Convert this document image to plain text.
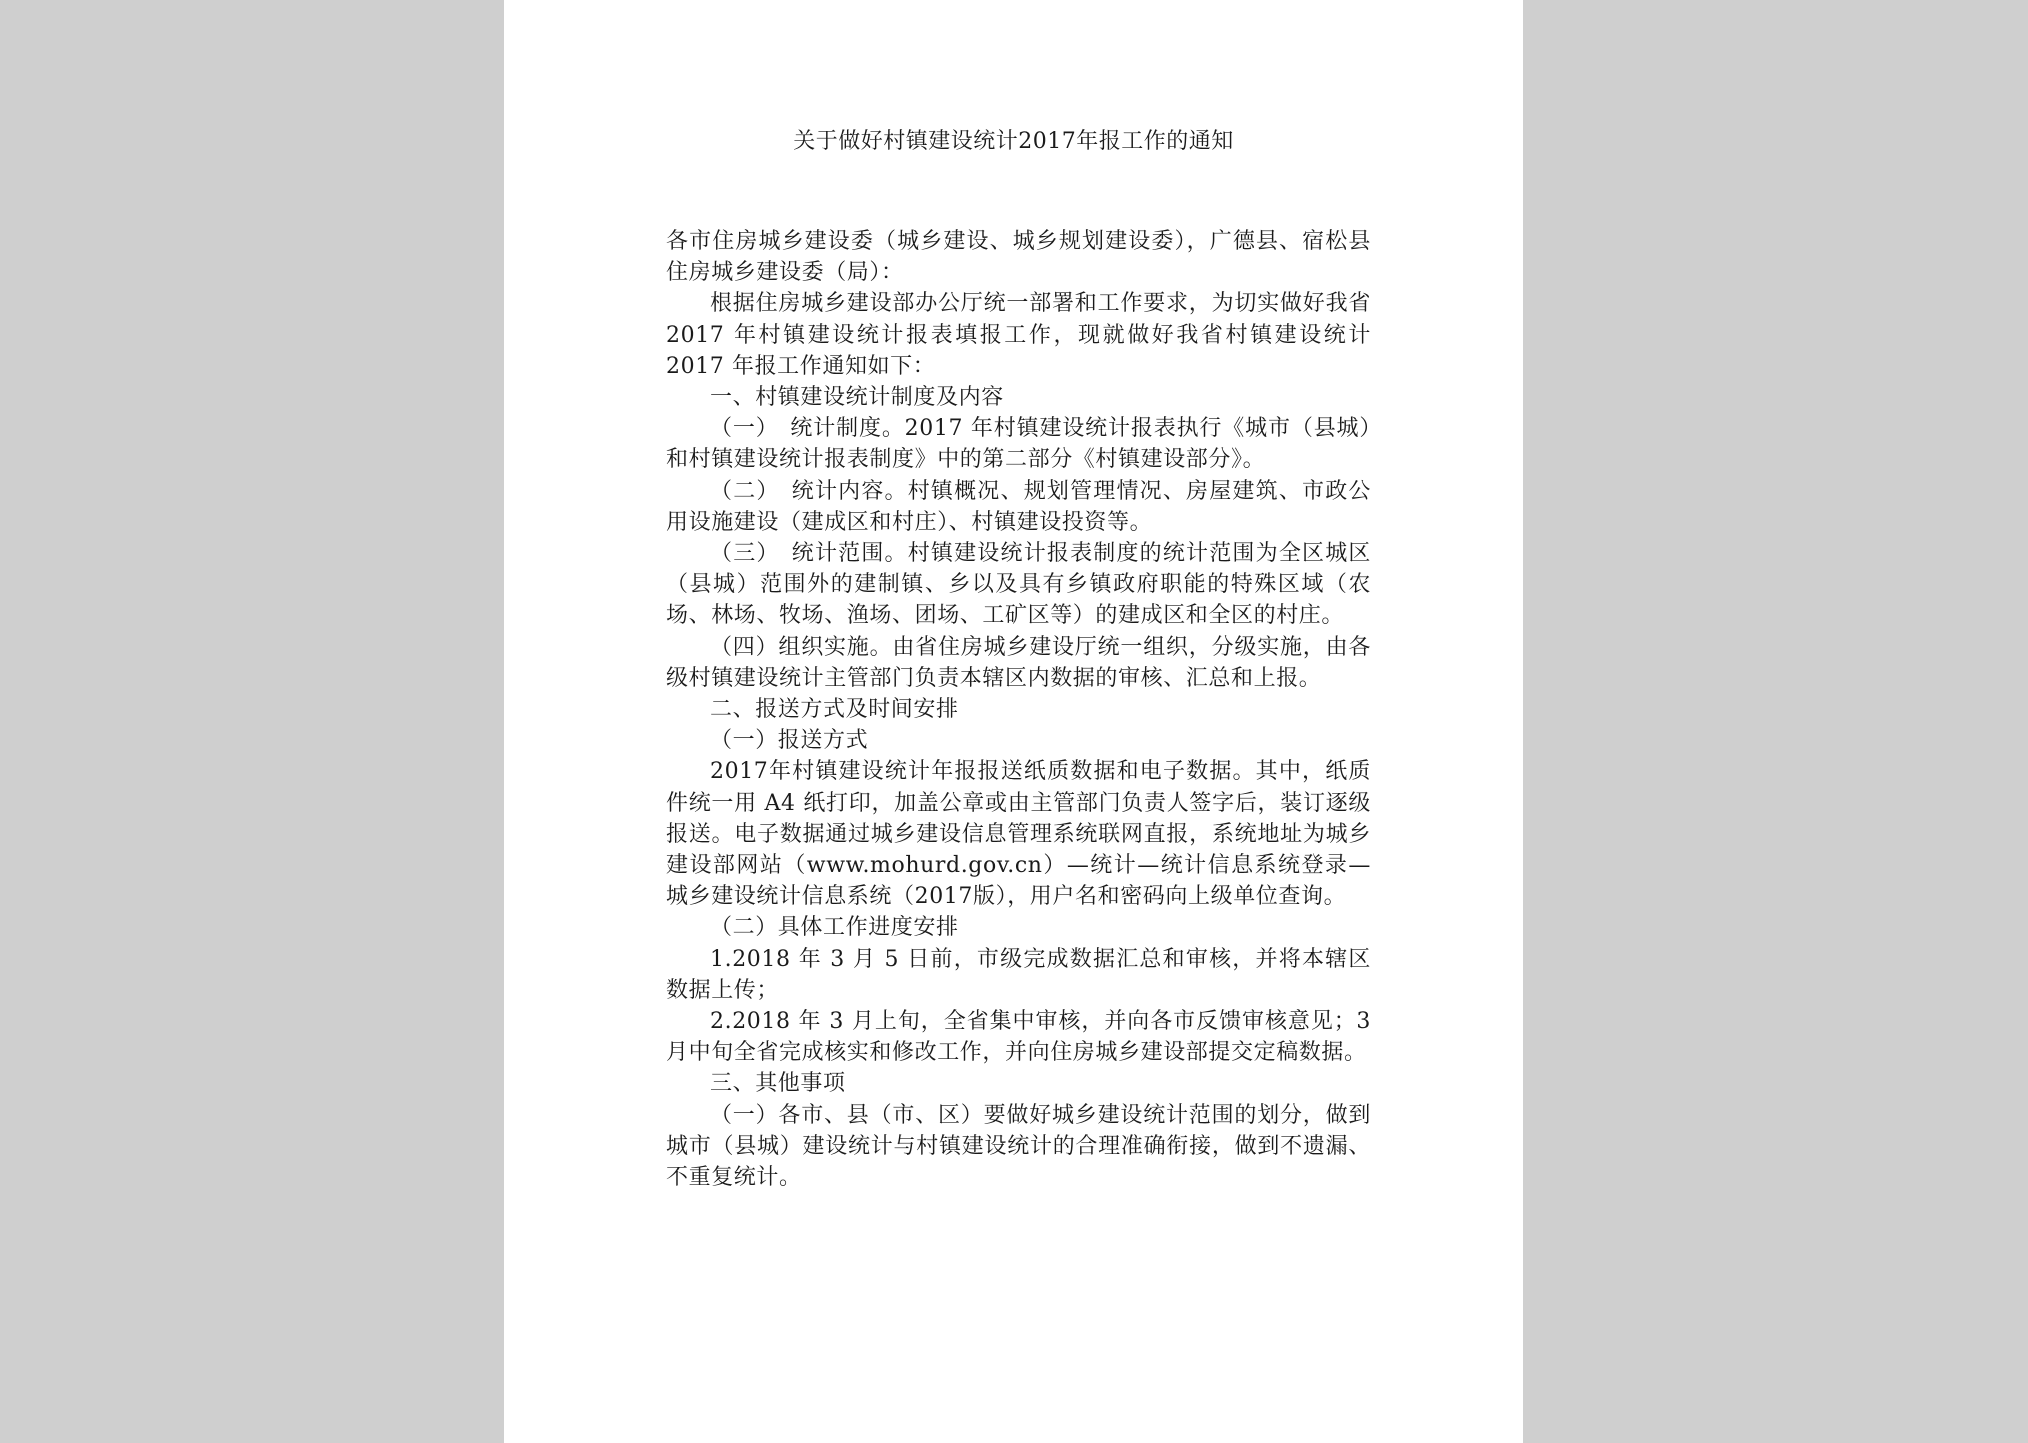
关于做好村镇建设统计2017年报工作的通知

各市住房城乡建设委（城乡建设、城乡规划建设委），广德县、宿松县住房城乡建设委（局）：

根据住房城乡建设部办公厅统一部署和工作要求，为切实做好我省 2017 年村镇建设统计报表填报工作，现就做好我省村镇建设统计 2017 年报工作通知如下：

一、村镇建设统计制度及内容

（一）　统计制度。2017 年村镇建设统计报表执行《城市（县城）和村镇建设统计报表制度》中的第二部分《村镇建设部分》。

（二）　统计内容。村镇概况、规划管理情况、房屋建筑、市政公用设施建设（建成区和村庄）、村镇建设投资等。

（三）　统计范围。村镇建设统计报表制度的统计范围为全区城区（县城）范围外的建制镇、乡以及具有乡镇政府职能的特殊区域（农场、林场、牧场、渔场、团场、工矿区等）的建成区和全区的村庄。

（四）组织实施。由省住房城乡建设厅统一组织，分级实施，由各级村镇建设统计主管部门负责本辖区内数据的审核、汇总和上报。

二、报送方式及时间安排

（一）报送方式

2017年村镇建设统计年报报送纸质数据和电子数据。其中，纸质件统一用 A4 纸打印，加盖公章或由主管部门负责人签字后，装订逐级报送。电子数据通过城乡建设信息管理系统联网直报，系统地址为城乡建设部网站（www.mohurd.gov.cn）—统计—统计信息系统登录—城乡建设统计信息系统（2017版），用户名和密码向上级单位查询。

（二）具体工作进度安排

1.2018 年 3 月 5 日前，市级完成数据汇总和审核，并将本辖区数据上传；

2.2018 年 3 月上旬，全省集中审核，并向各市反馈审核意见；3 月中旬全省完成核实和修改工作，并向住房城乡建设部提交定稿数据。

三、其他事项

（一）各市、县（市、区）要做好城乡建设统计范围的划分，做到城市（县城）建设统计与村镇建设统计的合理准确衔接，做到不遗漏、不重复统计。
